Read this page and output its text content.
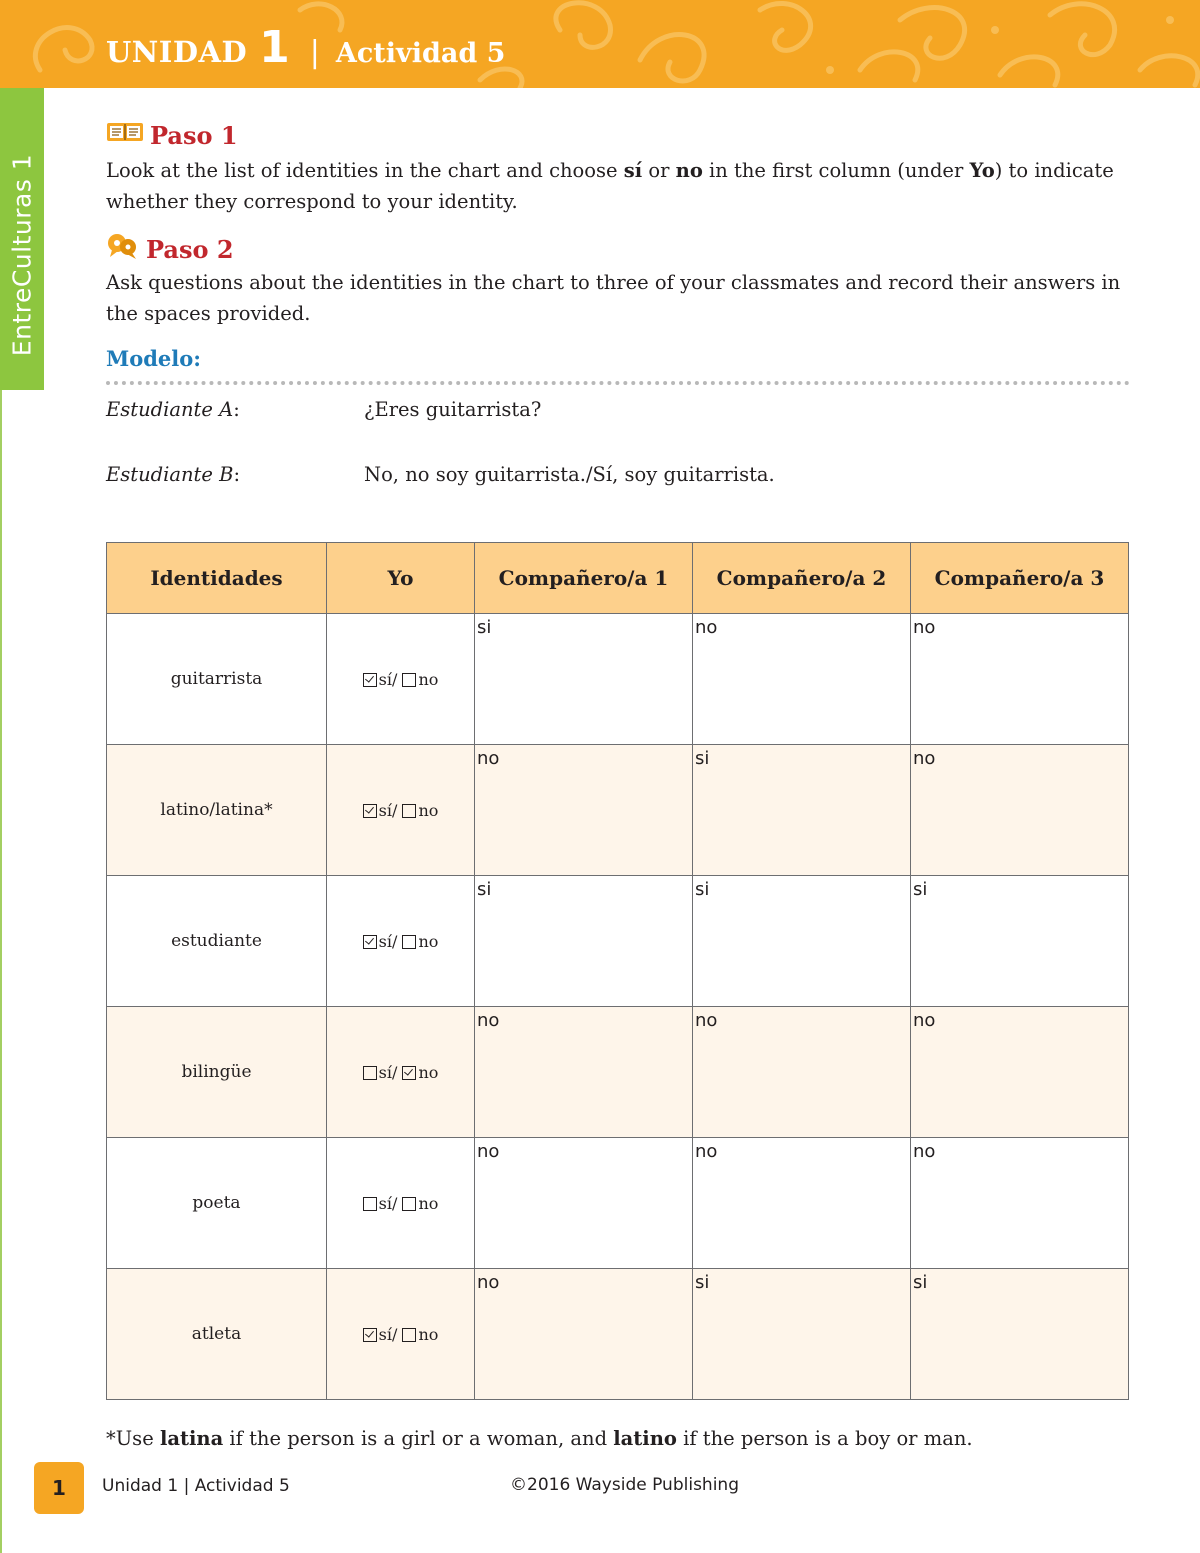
UNIDAD 1 | Actividad 5
EntreCulturas 1
Paso 1
Look at the list of identities in the chart and choose sí or no in the first column (under Yo) to indicate whether they correspond to your identity.
Paso 2
Ask questions about the identities in the chart to three of your classmates and record their answers in the spaces provided.
Modelo:
Estudiante A:	¿Eres guitarrista?
Estudiante B:	No, no soy guitarrista./Sí, soy guitarrista.
Identidades	Yo	Compañero/a 1	Compañero/a 2	Compañero/a 3
guitarrista	sí/ no	si	no	no
latino/latina*	sí/ no	no	si	no
estudiante	sí/ no	si	si	si
bilingüe	sí/ no	no	no	no
poeta	sí/ no	no	no	no
atleta	sí/ no	no	si	si
*Use latina if the person is a girl or a woman, and latino if the person is a boy or man.
1	Unidad 1 | Actividad 5	©2016 Wayside Publishing
